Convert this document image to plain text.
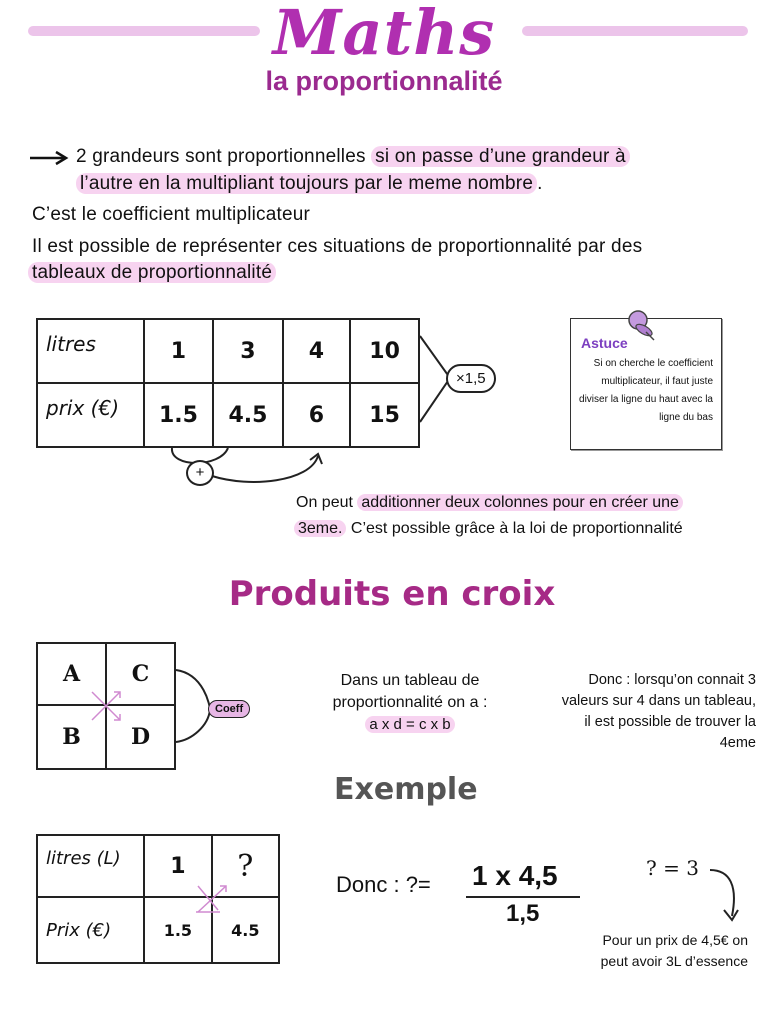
Maths
la proportionnalité
2 grandeurs sont proportionnelles si on passe d’une grandeur à
l’autre en la multipliant toujours par le meme nombre .
C’est le coefficient multiplicateur
Il est possible de représenter ces situations de proportionnalité par des
tableaux de proportionnalité
litres	1	3	4	10
prix (€)	1.5	4.5	6	15
×1,5
+
Astuce
Si on cherche le coefficient multiplicateur, il faut juste diviser la ligne du haut avec la ligne du bas
On peut additionner deux colonnes pour en créer une
3eme. C’est possible grâce à la loi de proportionnalité
Produits en croix
A	C
B	D
Coeff
Dans un tableau de
proportionnalité on a :
a x d = c x b
Donc : lorsqu’on connait 3 valeurs sur 4 dans un tableau, il est possible de trouver la 4eme
Exemple
litres (L)	1	?
Prix (€)	1.5	4.5
Donc : ?= 1 x 4,5
1,5
? = 3
Pour un prix de 4,5€ on peut avoir 3L d’essence
